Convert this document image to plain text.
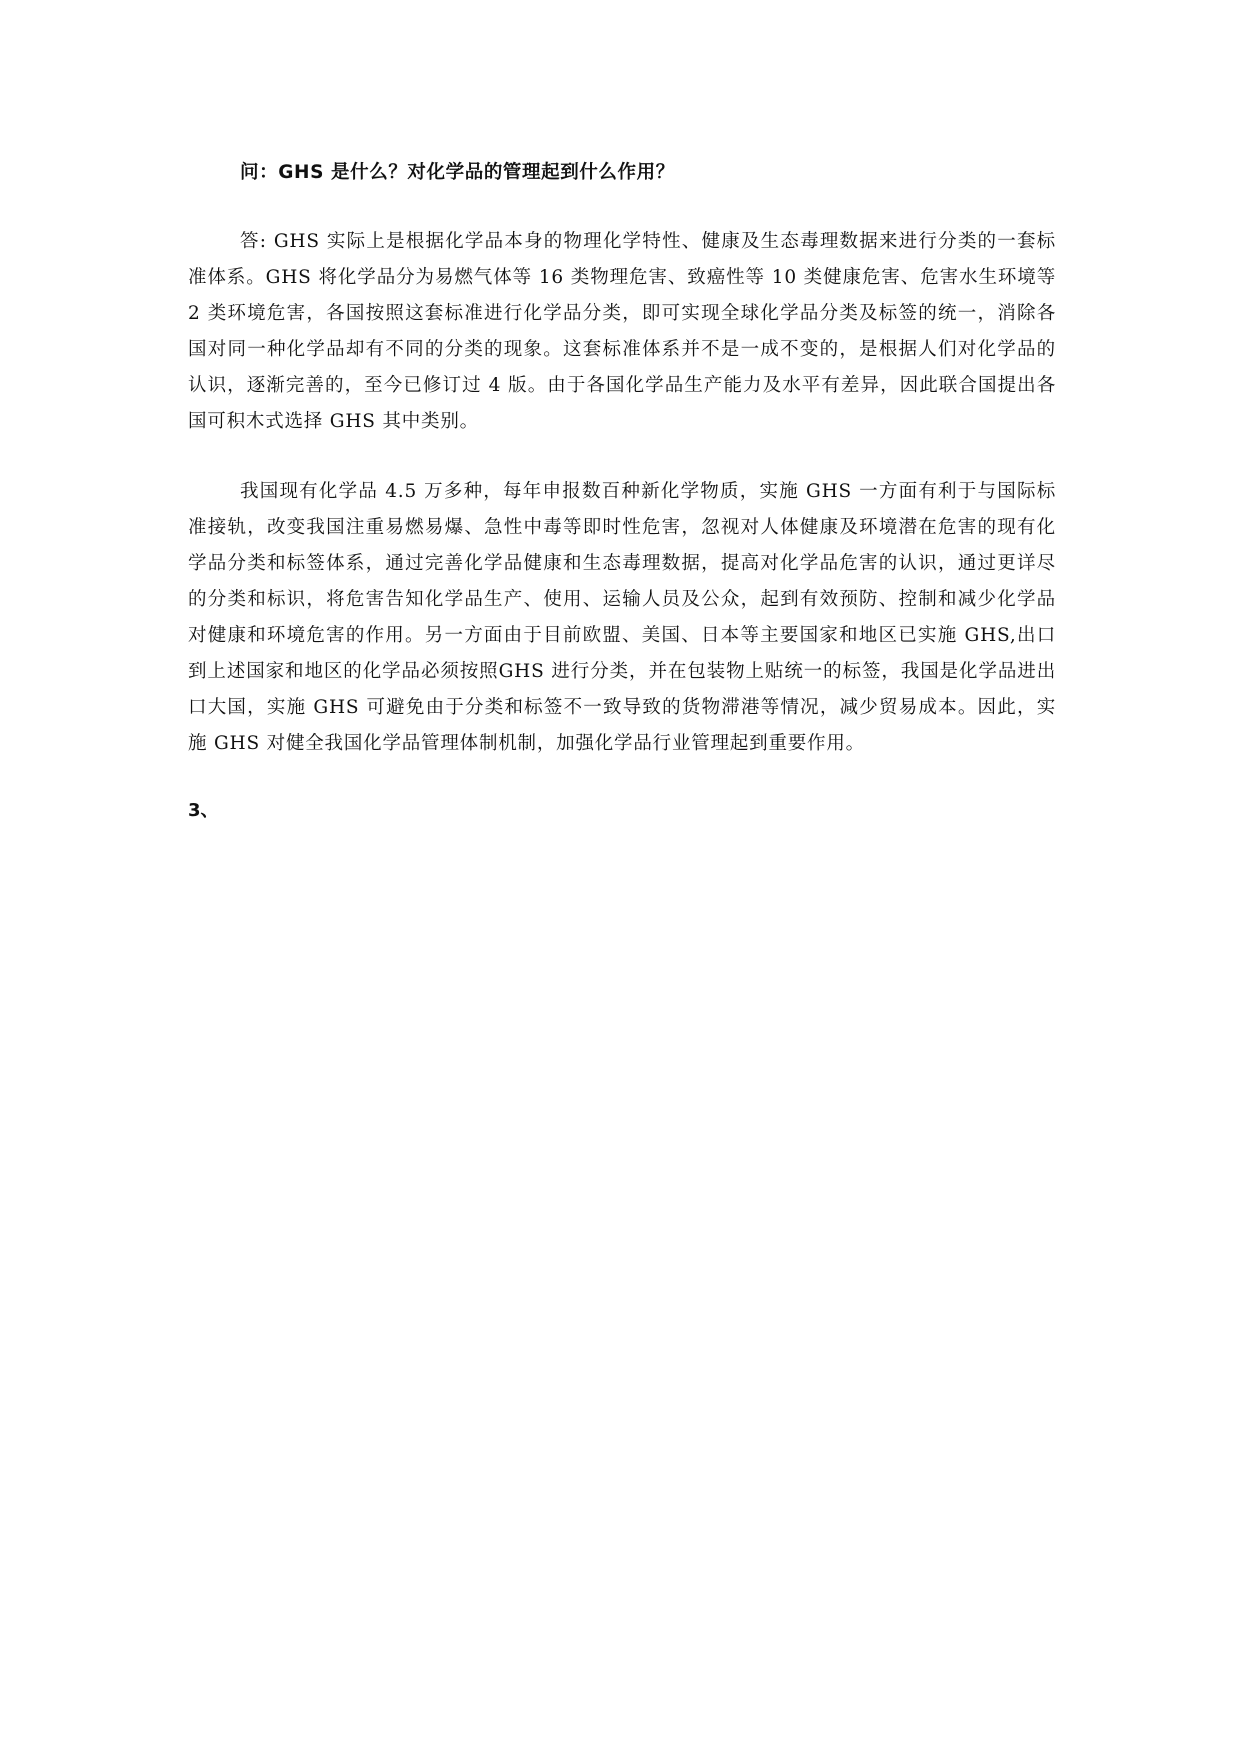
问：GHS 是什么？对化学品的管理起到什么作用？

答: GHS 实际上是根据化学品本身的物理化学特性、健康及生态毒理数据来进行分类的一套标准体系。GHS 将化学品分为易燃气体等 16 类物理危害、致癌性等 10 类健康危害、危害水生环境等 2 类环境危害，各国按照这套标准进行化学品分类，即可实现全球化学品分类及标签的统一，消除各国对同一种化学品却有不同的分类的现象。这套标准体系并不是一成不变的，是根据人们对化学品的认识，逐渐完善的，至今已修订过 4 版。由于各国化学品生产能力及水平有差异，因此联合国提出各国可积木式选择 GHS 其中类别。

我国现有化学品 4.5 万多种，每年申报数百种新化学物质，实施 GHS 一方面有利于与国际标准接轨，改变我国注重易燃易爆、急性中毒等即时性危害，忽视对人体健康及环境潜在危害的现有化学品分类和标签体系，通过完善化学品健康和生态毒理数据，提高对化学品危害的认识，通过更详尽的分类和标识，将危害告知化学品生产、使用、运输人员及公众，起到有效预防、控制和减少化学品对健康和环境危害的作用。另一方面由于目前欧盟、美国、日本等主要国家和地区已实施 GHS,出口到上述国家和地区的化学品必须按照GHS 进行分类，并在包装物上贴统一的标签，我国是化学品进出口大国，实施 GHS 可避免由于分类和标签不一致导致的货物滞港等情况，减少贸易成本。因此，实施 GHS 对健全我国化学品管理体制机制，加强化学品行业管理起到重要作用。

3、
